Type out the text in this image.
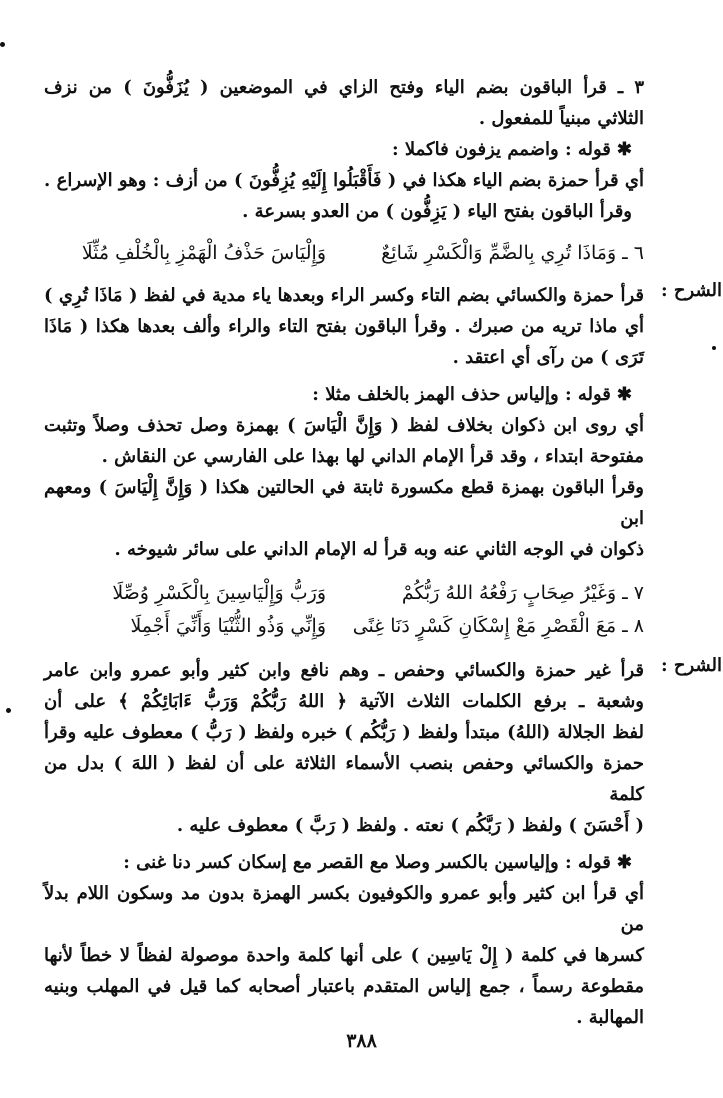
٣ ـ قرأ الباقون بضم الياء وفتح الزاي في الموضعين ( يُزَفُّونَ ) من نزف
الثلاثي مبنياً للمفعول .
✱قوله : واضمم يزفون فاكملا :
أي قرأ حمزة بضم الياء هكذا في ( فَأَقْبَلُوا إِلَيْهِ يُزِفُّونَ ) من أزف : وهو الإسراع .
وقرأ الباقون بفتح الياء ( يَزِفُّون ) من العدو بسرعة .
٦ ـ وَمَاذَا تُرِي بِالضَّمِّ وَالْكَسْرِ شَائِعٌ
وَإِلْيَاسَ حَذْفُ الْهَمْزِ بِالْخُلْفِ مُثِّلَا
الشرح :
قرأ حمزة والكسائي بضم التاء وكسر الراء وبعدها ياء مدية في لفظ ( مَاذَا تُرِي )
أي ماذا تريه من صبرك . وقرأ الباقون بفتح التاء والراء وألف بعدها هكذا ( مَاذَا
تَرَى ) من رآى أي اعتقد .
✱قوله : وإلياس حذف الهمز بالخلف مثلا :
أي روى ابن ذكوان بخلاف لفظ ( وَإِنَّ الْيَاسَ ) بهمزة وصل تحذف وصلاً وتثبت
مفتوحة ابتداء ، وقد قرأ الإمام الداني لها بهذا على الفارسي عن النقاش .
وقرأ الباقون بهمزة قطع مكسورة ثابتة في الحالتين هكذا ( وَإِنَّ إِلْيَاسَ ) ومعهم ابن
ذكوان في الوجه الثاني عنه وبه قرأ له الإمام الداني على سائر شيوخه .
٧ ـ وَغَيْرُ صِحَابٍ رَفْعُهُ اللهُ رَبُّكُمْ
وَرَبُّ وَإِلْيَاسِينَ بِالْكَسْرِ وُصِّلَا
٨ ـ مَعَ الْقَصْرِ مَعْ إِسْكَانِ كَسْرٍ دَنَا غِنًى
وَإِنِّي وَذُو الثُّنْيَا وَأَنِّيَ أَجْمِلَا
الشرح :
قرأ غير حمزة والكسائي وحفص ـ وهم نافع وابن كثير وأبو عمرو وابن عامر
وشعبة ـ برفع الكلمات الثلاث الآتية ﴿ اللهُ رَبُّكُمْ وَرَبُّ ءَابَائِكُمْ ﴾ على أن
لفظ الجلالة (اللهُ) مبتدأ ولفظ ( رَبُّكُم ) خبره ولفظ ( رَبُّ ) معطوف عليه وقرأ
حمزة والكسائي وحفص بنصب الأسماء الثلاثة على أن لفظ ( اللهَ ) بدل من كلمة
( أَحْسَنَ ) ولفظ ( رَبَّكُم ) نعته . ولفظ ( رَبَّ ) معطوف عليه .
✱قوله : وإلياسين بالكسر وصلا مع القصر مع إسكان كسر دنا غنى :
أي قرأ ابن كثير وأبو عمرو والكوفيون بكسر الهمزة بدون مد وسكون اللام بدلاً من
كسرها في كلمة ( إِلْ يَاسِين ) على أنها كلمة واحدة موصولة لفظاً لا خطاً لأنها
مقطوعة رسماً ، جمع إلياس المتقدم باعتبار أصحابه كما قيل في المهلب وبنيه
المهالبة .
٣٨٨
